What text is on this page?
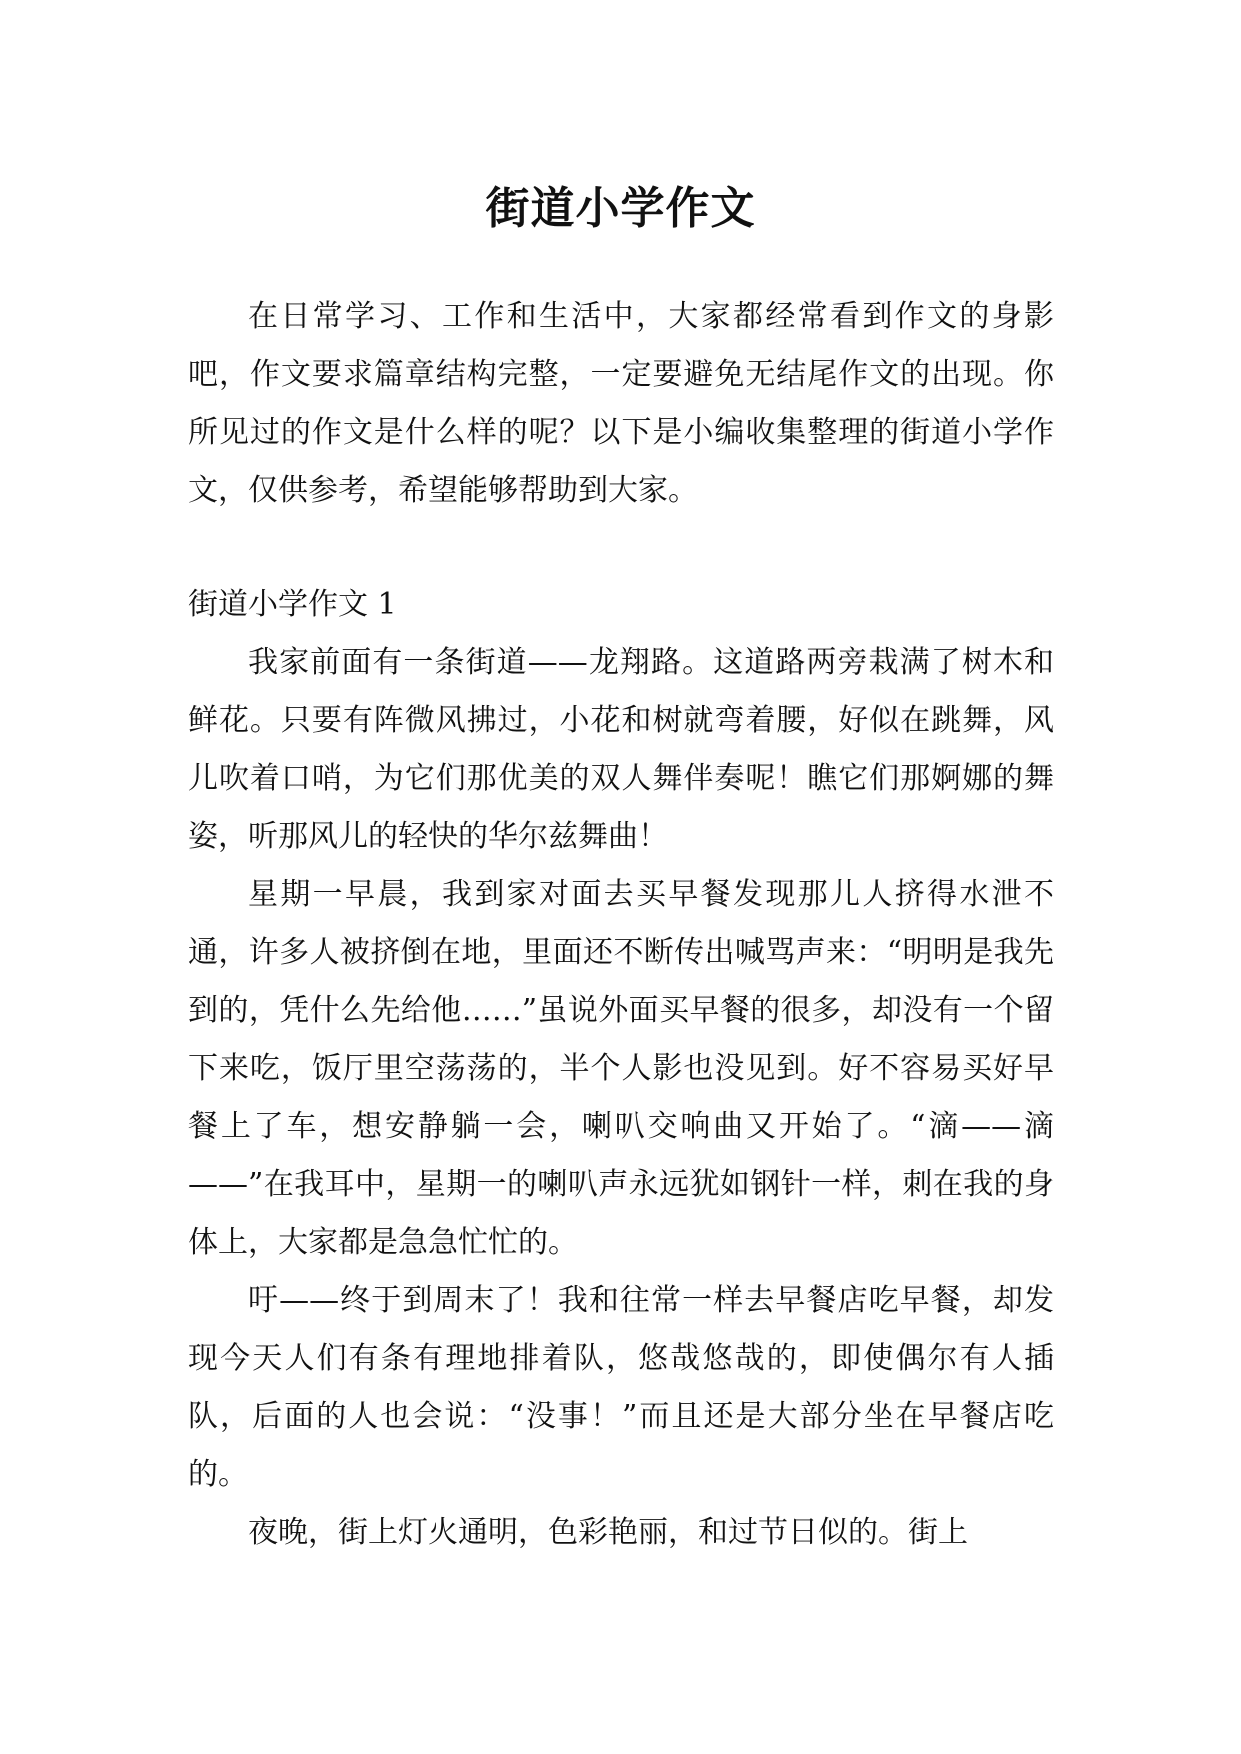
街道小学作文

在日常学习、工作和生活中，大家都经常看到作文的身影吧，作文要求篇章结构完整，一定要避免无结尾作文的出现。你所见过的作文是什么样的呢？以下是小编收集整理的街道小学作文，仅供参考，希望能够帮助到大家。

街道小学作文 1

我家前面有一条街道——龙翔路。这道路两旁栽满了树木和鲜花。只要有阵微风拂过，小花和树就弯着腰，好似在跳舞，风儿吹着口哨，为它们那优美的双人舞伴奏呢！瞧它们那婀娜的舞姿，听那风儿的轻快的华尔兹舞曲！

星期一早晨，我到家对面去买早餐发现那儿人挤得水泄不通，许多人被挤倒在地，里面还不断传出喊骂声来：“明明是我先到的，凭什么先给他……”虽说外面买早餐的很多，却没有一个留下来吃，饭厅里空荡荡的，半个人影也没见到。好不容易买好早餐上了车，想安静躺一会，喇叭交响曲又开始了。“滴——滴——”在我耳中，星期一的喇叭声永远犹如钢针一样，刺在我的身体上，大家都是急急忙忙的。

吁——终于到周末了！我和往常一样去早餐店吃早餐，却发现今天人们有条有理地排着队，悠哉悠哉的，即使偶尔有人插队，后面的人也会说：“没事！”而且还是大部分坐在早餐店吃的。

夜晚，街上灯火通明，色彩艳丽，和过节日似的。街上
